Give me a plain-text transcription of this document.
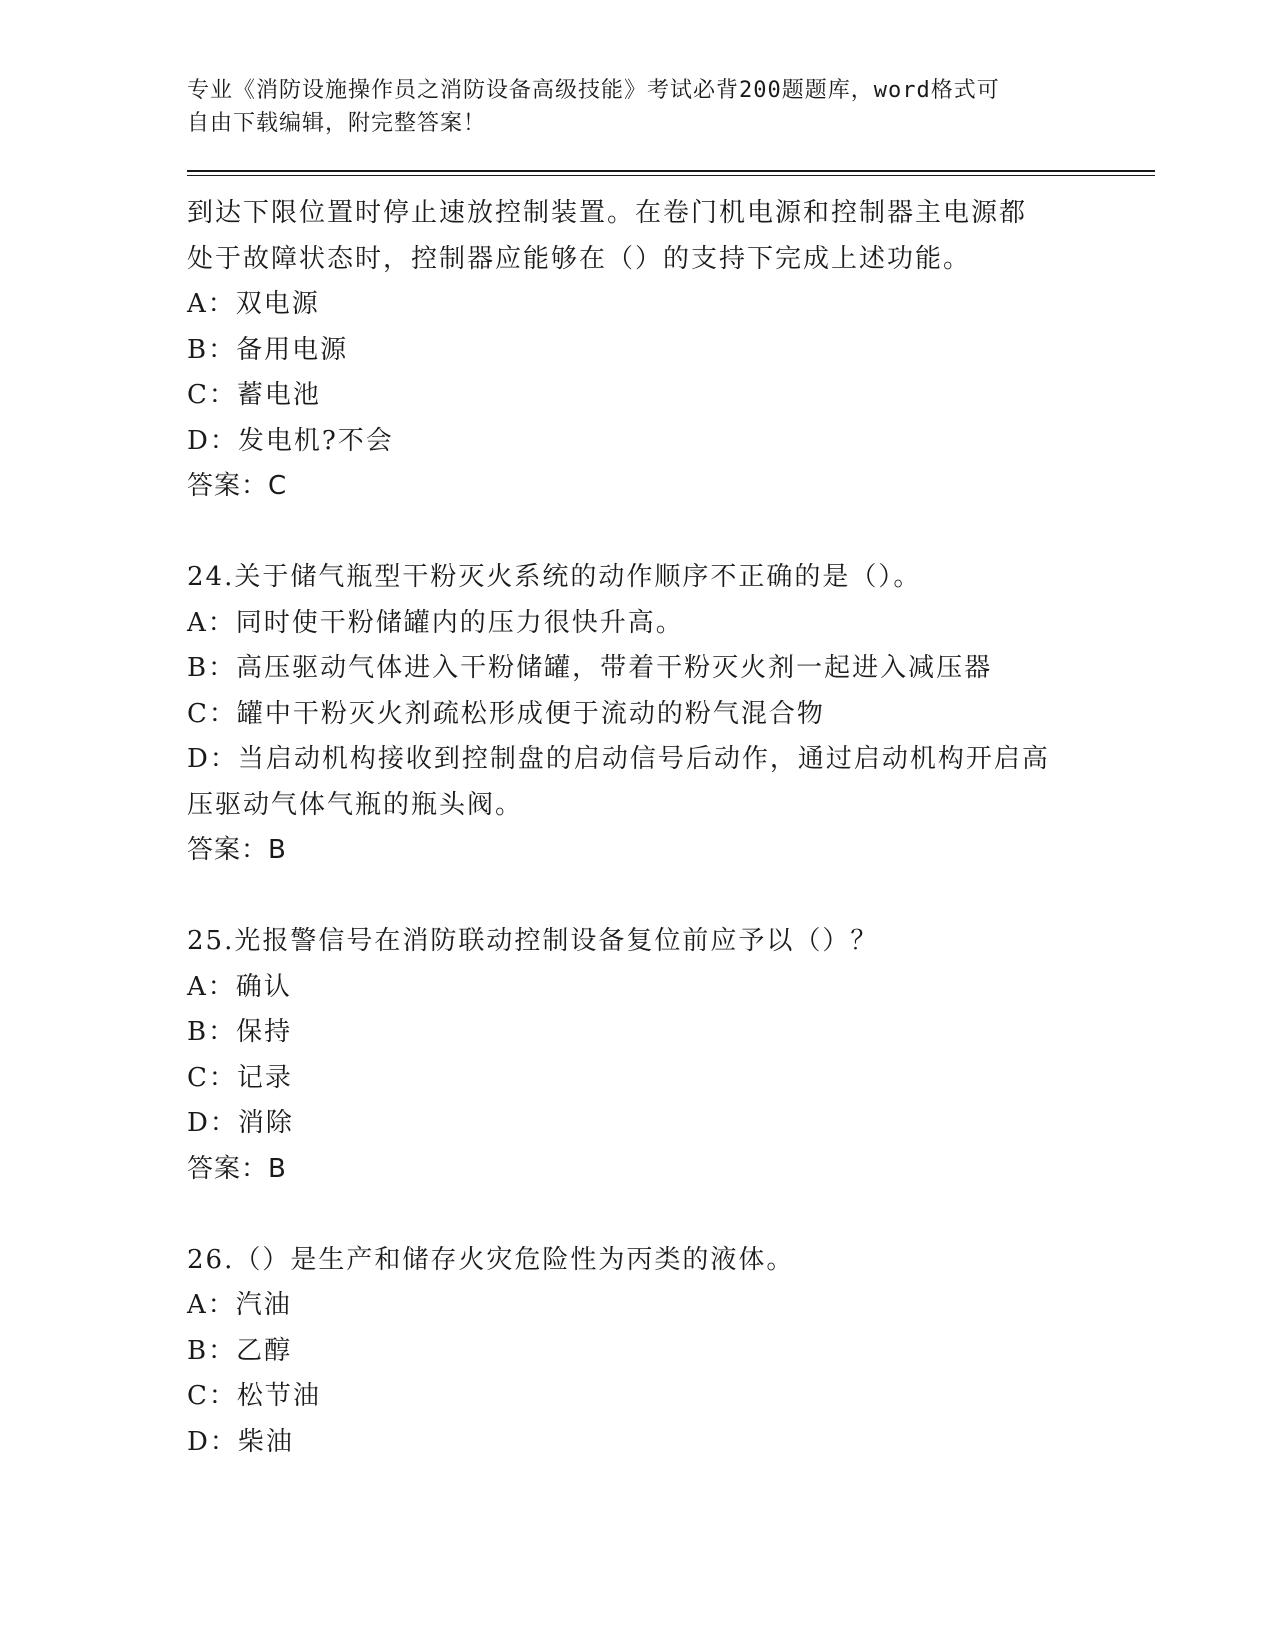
专业《消防设施操作员之消防设备高级技能》考试必背200题题库，word格式可
自由下载编辑，附完整答案！
到达下限位置时停止速放控制装置。在卷门机电源和控制器主电源都
处于故障状态时，控制器应能够在（）的支持下完成上述功能。
A：双电源
B：备用电源
C：蓄电池
D：发电机?不会
答案：C
24.关于储气瓶型干粉灭火系统的动作顺序不正确的是（）。
A：同时使干粉储罐内的压力很快升高。
B：高压驱动气体进入干粉储罐，带着干粉灭火剂一起进入减压器
C：罐中干粉灭火剂疏松形成便于流动的粉气混合物
D：当启动机构接收到控制盘的启动信号后动作，通过启动机构开启高
压驱动气体气瓶的瓶头阀。
答案：B
25.光报警信号在消防联动控制设备复位前应予以（）？
A：确认
B：保持
C：记录
D：消除
答案：B
26.（）是生产和储存火灾危险性为丙类的液体。
A：汽油
B：乙醇
C：松节油
D：柴油
